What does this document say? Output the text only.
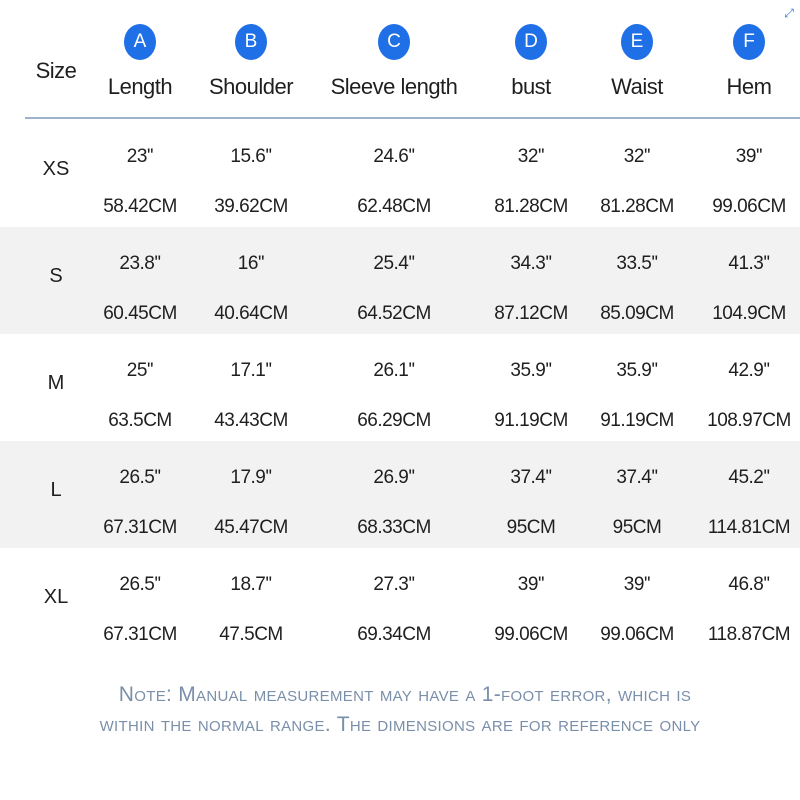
⤢
Size
A
Length
B
Shoulder
C
Sleeve length
D
bust
E
Waist
F
Hem
XS
23''
58.42CM
15.6''
39.62CM
24.6''
62.48CM
32''
81.28CM
32''
81.28CM
39''
99.06CM
S
23.8''
60.45CM
16''
40.64CM
25.4''
64.52CM
34.3''
87.12CM
33.5''
85.09CM
41.3''
104.9CM
M
25''
63.5CM
17.1''
43.43CM
26.1''
66.29CM
35.9''
91.19CM
35.9''
91.19CM
42.9''
108.97CM
L
26.5''
67.31CM
17.9''
45.47CM
26.9''
68.33CM
37.4''
95CM
37.4''
95CM
45.2''
114.81CM
XL
26.5''
67.31CM
18.7''
47.5CM
27.3''
69.34CM
39''
99.06CM
39''
99.06CM
46.8''
118.87CM
Note: Manual measurement may have a 1-foot error, which is
within the normal range. The dimensions are for reference only
